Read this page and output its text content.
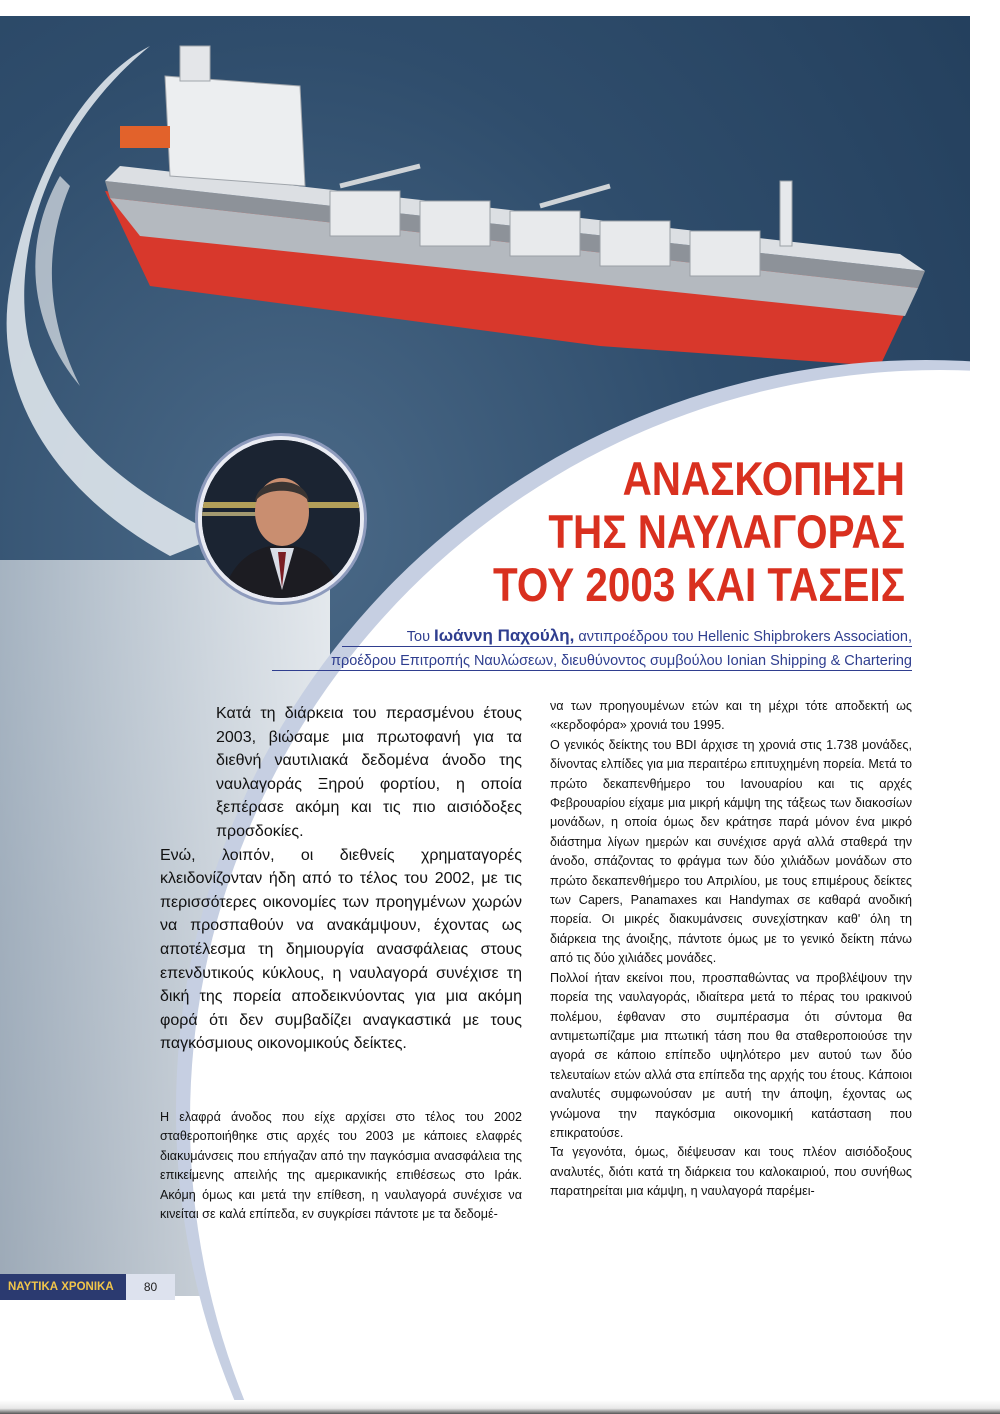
ΑΝΑΣΚΟΠΗΣΗ
ΤΗΣ ΝΑΥΛΑΓΟΡΑΣ
ΤΟΥ 2003 ΚΑΙ ΤΑΣΕΙΣ
Του Ιωάννη Παχούλη, αντιπροέδρου του Hellenic Shipbrokers Association,
προέδρου Επιτροπής Ναυλώσεων, διευθύνοντος συμβούλου Ionian Shipping & Chartering

Κατά τη διάρκεια του περασμένου έτους 2003, βιώσαμε μια πρωτοφανή για τα διεθνή ναυτιλιακά δεδομένα άνοδο της ναυλαγοράς Ξηρού φορτίου, η οποία ξεπέρασε ακόμη και τις πιο αισιόδοξες προσδοκίες.

Ενώ, λοιπόν, οι διεθνείς χρηματαγορές κλειδονίζονταν ήδη από το τέλος του 2002, με τις περισσότερες οικονομίες των προηγμένων χωρών να προσπαθούν να ανακάμψουν, έχοντας ως αποτέλεσμα τη δημιουργία ανασφάλειας στους επενδυτικούς κύκλους, η ναυλαγορά συνέχισε τη δική της πορεία αποδεικνύοντας για μια ακόμη φορά ότι δεν συμβαδίζει αναγκαστικά με τους παγκόσμιους οικονομικούς δείκτες.

Η ελαφρά άνοδος που είχε αρχίσει στο τέλος του 2002 σταθεροποιήθηκε στις αρχές του 2003 με κάποιες ελαφρές διακυμάνσεις που επήγαζαν από την παγκόσμια ανασφάλεια της επικείμενης απειλής της αμερικανικής επιθέσεως στο Ιράκ. Ακόμη όμως και μετά την επίθεση, η ναυλαγορά συνέχισε να κινείται σε καλά επίπεδα, εν συγκρίσει πάντοτε με τα δεδομέ-

να των προηγουμένων ετών και τη μέχρι τότε αποδεκτή ως «κερδοφόρα» χρονιά του 1995.

Ο γενικός δείκτης του BDI άρχισε τη χρονιά στις 1.738 μονάδες, δίνοντας ελπίδες για μια περαιτέρω επιτυχημένη πορεία. Μετά το πρώτο δεκαπενθήμερο του Ιανουαρίου και τις αρχές Φεβρουαρίου είχαμε μια μικρή κάμψη της τάξεως των διακοσίων μονάδων, η οποία όμως δεν κράτησε παρά μόνον ένα μικρό διάστημα λίγων ημερών και συνέχισε αργά αλλά σταθερά την άνοδο, σπάζοντας το φράγμα των δύο χιλιάδων μονάδων στο πρώτο δεκαπενθήμερο του Απριλίου, με τους επιμέρους δείκτες των Capers, Panamaxes και Handymax σε καθαρά ανοδική πορεία. Οι μικρές διακυμάνσεις συνεχίστηκαν καθ' όλη τη διάρκεια της άνοιξης, πάντοτε όμως με το γενικό δείκτη πάνω από τις δύο χιλιάδες μονάδες.

Πολλοί ήταν εκείνοι που, προσπαθώντας να προβλέψουν την πορεία της ναυλαγοράς, ιδιαίτερα μετά το πέρας του ιρακινού πολέμου, έφθαναν στο συμπέρασμα ότι σύντομα θα αντιμετωπίζαμε μια πτωτική τάση που θα σταθεροποιούσε την αγορά σε κάποιο επίπεδο υψηλότερο μεν αυτού των δύο τελευταίων ετών αλλά στα επίπεδα της αρχής του έτους. Κάποιοι αναλυτές συμφωνούσαν με αυτή την άποψη, έχοντας ως γνώμονα την παγκόσμια οικονομική κατάσταση που επικρατούσε.

Τα γεγονότα, όμως, διέψευσαν και τους πλέον αισιόδοξους αναλυτές, διότι κατά τη διάρκεια του καλοκαιριού, που συνήθως παρατηρείται μια κάμψη, η ναυλαγορά παρέμει-

ΝΑΥΤΙΚΑ ΧΡΟΝΙΚΑ	80
